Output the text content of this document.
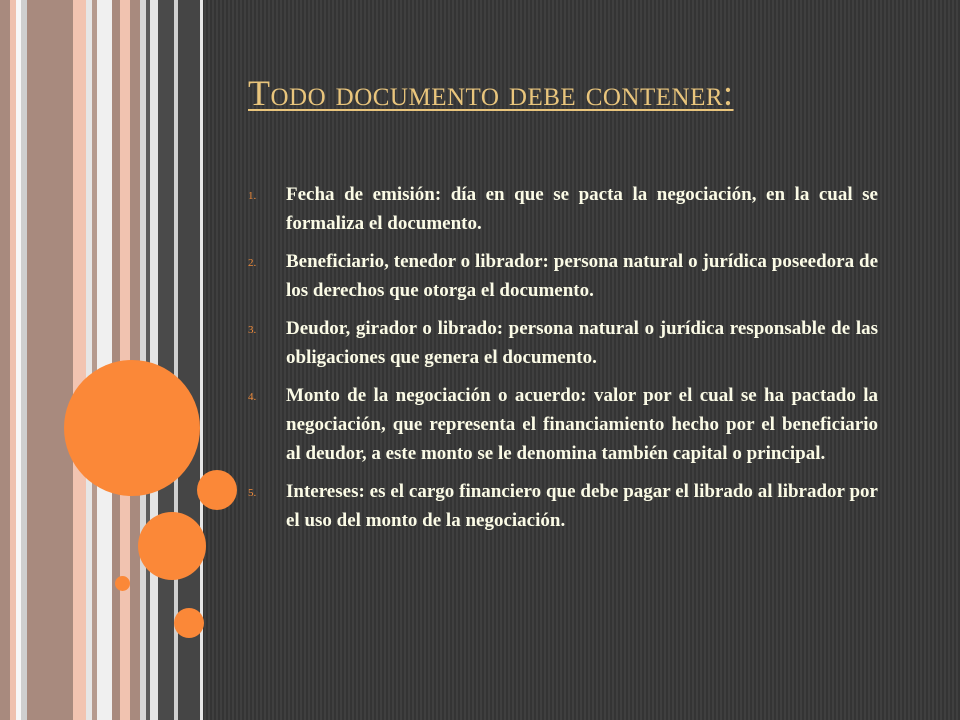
Todo documento debe contener:
1.	Fecha de emisión: día en que se pacta la negociación, en la cual se formaliza el documento.
2.	Beneficiario, tenedor o librador: persona natural o jurídica poseedora de los derechos que otorga el documento.
3.	Deudor, girador o librado: persona natural o jurídica responsable de las obligaciones que genera el documento.
4.	Monto de la negociación o acuerdo: valor por el cual se ha pactado la negociación, que representa el financiamiento hecho por el beneficiario al deudor, a este monto se le denomina también capital o principal.
5.	Intereses: es el cargo financiero que debe pagar el librado al librador por el uso del monto de la negociación.
